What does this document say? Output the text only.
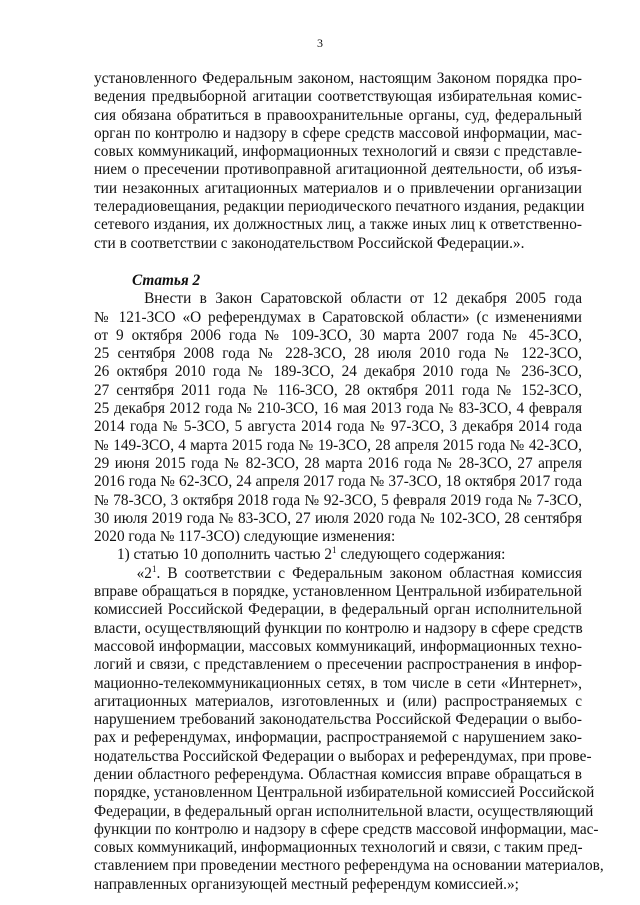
3
установленного Федеральным законом, настоящим Законом порядка про-
ведения предвыборной агитации соответствующая избирательная комис-
сия обязана обратиться в правоохранительные органы, суд, федеральный
орган по контролю и надзору в сфере средств массовой информации, мас-
совых коммуникаций, информационных технологий и связи с представле-
нием о пресечении противоправной агитационной деятельности, об изъя-
тии незаконных агитационных материалов и о привлечении организации
телерадиовещания, редакции периодического печатного издания, редакции
сетевого издания, их должностных лиц, а также иных лиц к ответственно-
сти в соответствии с законодательством Российской Федерации.».
Статья 2
Внести в Закон Саратовской области от 12 декабря 2005 года
№ 121-ЗСО «О референдумах в Саратовской области» (с изменениями
от 9 октября 2006 года № 109-ЗСО, 30 марта 2007 года № 45-ЗСО,
25 сентября 2008 года № 228-ЗСО, 28 июля 2010 года № 122-ЗСО,
26 октября 2010 года № 189-ЗСО, 24 декабря 2010 года № 236-ЗСО,
27 сентября 2011 года № 116-ЗСО, 28 октября 2011 года № 152-ЗСО,
25 декабря 2012 года № 210-ЗСО, 16 мая 2013 года № 83-ЗСО, 4 февраля
2014 года № 5-ЗСО, 5 августа 2014 года № 97-ЗСО, 3 декабря 2014 года
№ 149-ЗСО, 4 марта 2015 года № 19-ЗСО, 28 апреля 2015 года № 42-ЗСО,
29 июня 2015 года № 82-ЗСО, 28 марта 2016 года № 28-ЗСО, 27 апреля
2016 года № 62-ЗСО, 24 апреля 2017 года № 37-ЗСО, 18 октября 2017 года
№ 78-ЗСО, 3 октября 2018 года № 92-ЗСО, 5 февраля 2019 года № 7-ЗСО,
30 июля 2019 года № 83-ЗСО, 27 июля 2020 года № 102-ЗСО, 28 сентября
2020 года № 117-ЗСО) следующие изменения:
1) статью 10 дополнить частью $2^1$ следующего содержания:
«$2^1$. В соответствии с Федеральным законом областная комиссия
вправе обращаться в порядке, установленном Центральной избирательной
комиссией Российской Федерации, в федеральный орган исполнительной
власти, осуществляющий функции по контролю и надзору в сфере средств
массовой информации, массовых коммуникаций, информационных техно-
логий и связи, с представлением о пресечении распространения в инфор-
мационно-телекоммуникационных сетях, в том числе в сети «Интернет»,
агитационных материалов, изготовленных и (или) распространяемых с
нарушением требований законодательства Российской Федерации о выбо-
рах и референдумах, информации, распространяемой с нарушением зако-
нодательства Российской Федерации о выборах и референдумах, при прове-
дении областного референдума. Областная комиссия вправе обращаться в
порядке, установленном Центральной избирательной комиссией Российской
Федерации, в федеральный орган исполнительной власти, осуществляющий
функции по контролю и надзору в сфере средств массовой информации, мас-
совых коммуникаций, информационных технологий и связи, с таким пред-
ставлением при проведении местного референдума на основании материалов,
направленных организующей местный референдум комиссией.»;
